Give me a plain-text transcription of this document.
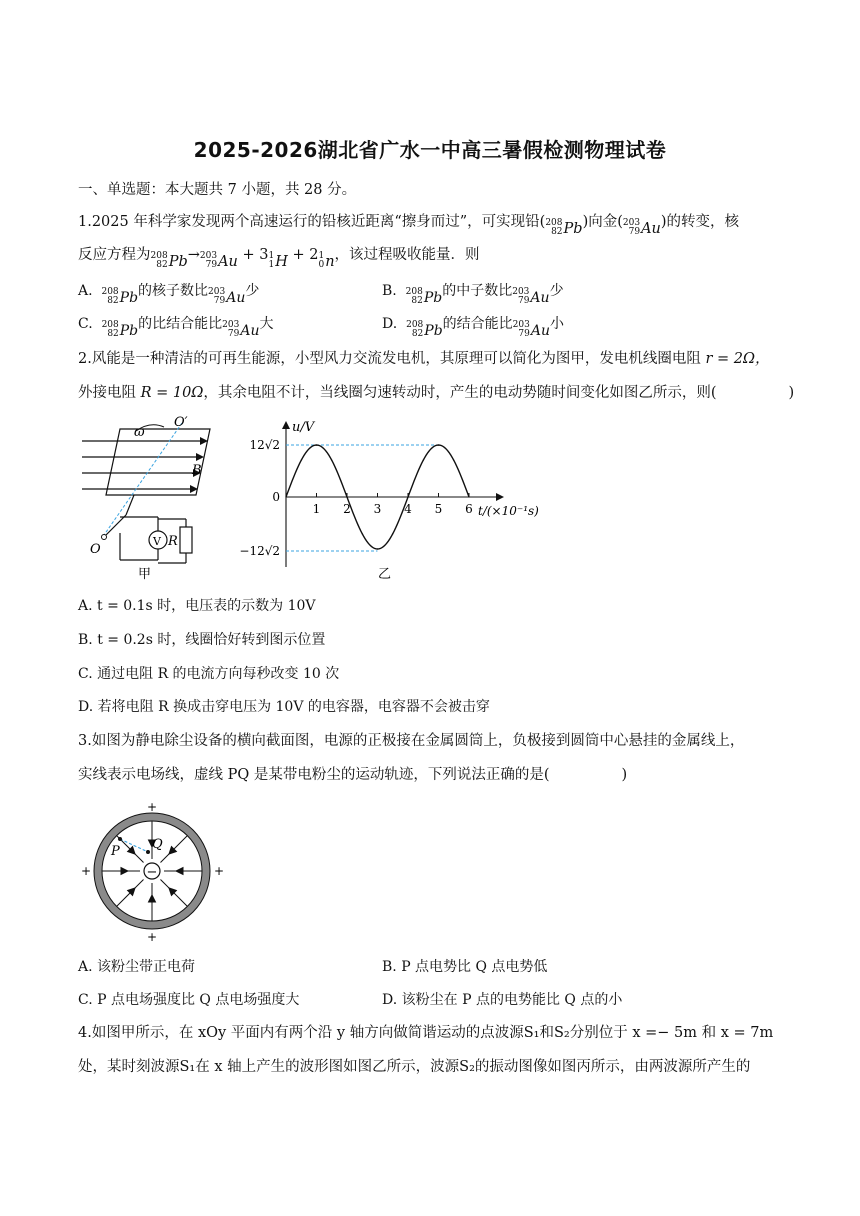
2025-2026湖北省广水一中高三暑假检测物理试卷
一、单选题：本大题共 7 小题，共 28 分。
1.2025 年科学家发现两个高速运行的铅核近距离“擦身而过”，可实现铅( 208
82 Pb )向金( 203
79 Au )的转变，核
反应方程为 208
82 Pb → 203
79 Au + 3 1
1 H + 2 1
0 n ，该过程吸收能量．则
A. 208
82 Pb 的核子数比 203
79 Au 少	B. 208
82 Pb 的中子数比 203
79 Au 少
C. 208
82 Pb 的比结合能比 203
79 Au 大	D. 208
82 Pb 的结合能比 203
79 Au 小
2.风能是一种清洁的可再生能源，小型风力交流发电机，其原理可以简化为图甲，发电机线圈电阻 r = 2Ω，
外接电阻 R = 10Ω，其余电阻不计，当线圈匀速转动时，产生的电动势随时间变化如图乙所示，则(	)
ω
O′
O
B
V R
甲
1 2 3 4 5 6
12√2
0
−12√2
u/V
t/(×10⁻¹s)
乙
A. t = 0.1s 时，电压表的示数为 10V
B. t = 0.2s 时，线圈恰好转到图示位置
C. 通过电阻 R 的电流方向每秒改变 10 次
D. 若将电阻 R 换成击穿电压为 10V 的电容器，电容器不会被击穿
3.如图为静电除尘设备的横向截面图，电源的正极接在金属圆筒上，负极接到圆筒中心悬挂的金属线上，
实线表示电场线，虚线 PQ 是某带电粉尘的运动轨迹，下列说法正确的是(	)
−
P Q
+
+
+	+
A. 该粉尘带正电荷	B. P 点电势比 Q 点电势低
C. P 点电场强度比 Q 点电场强度大	D. 该粉尘在 P 点的电势能比 Q 点的小
4.如图甲所示，在 xOy 平面内有两个沿 y 轴方向做简谐运动的点波源S₁和S₂分别位于 x =− 5m 和 x = 7m
处，某时刻波源S₁在 x 轴上产生的波形图如图乙所示，波源S₂的振动图像如图丙所示，由两波源所产生的
